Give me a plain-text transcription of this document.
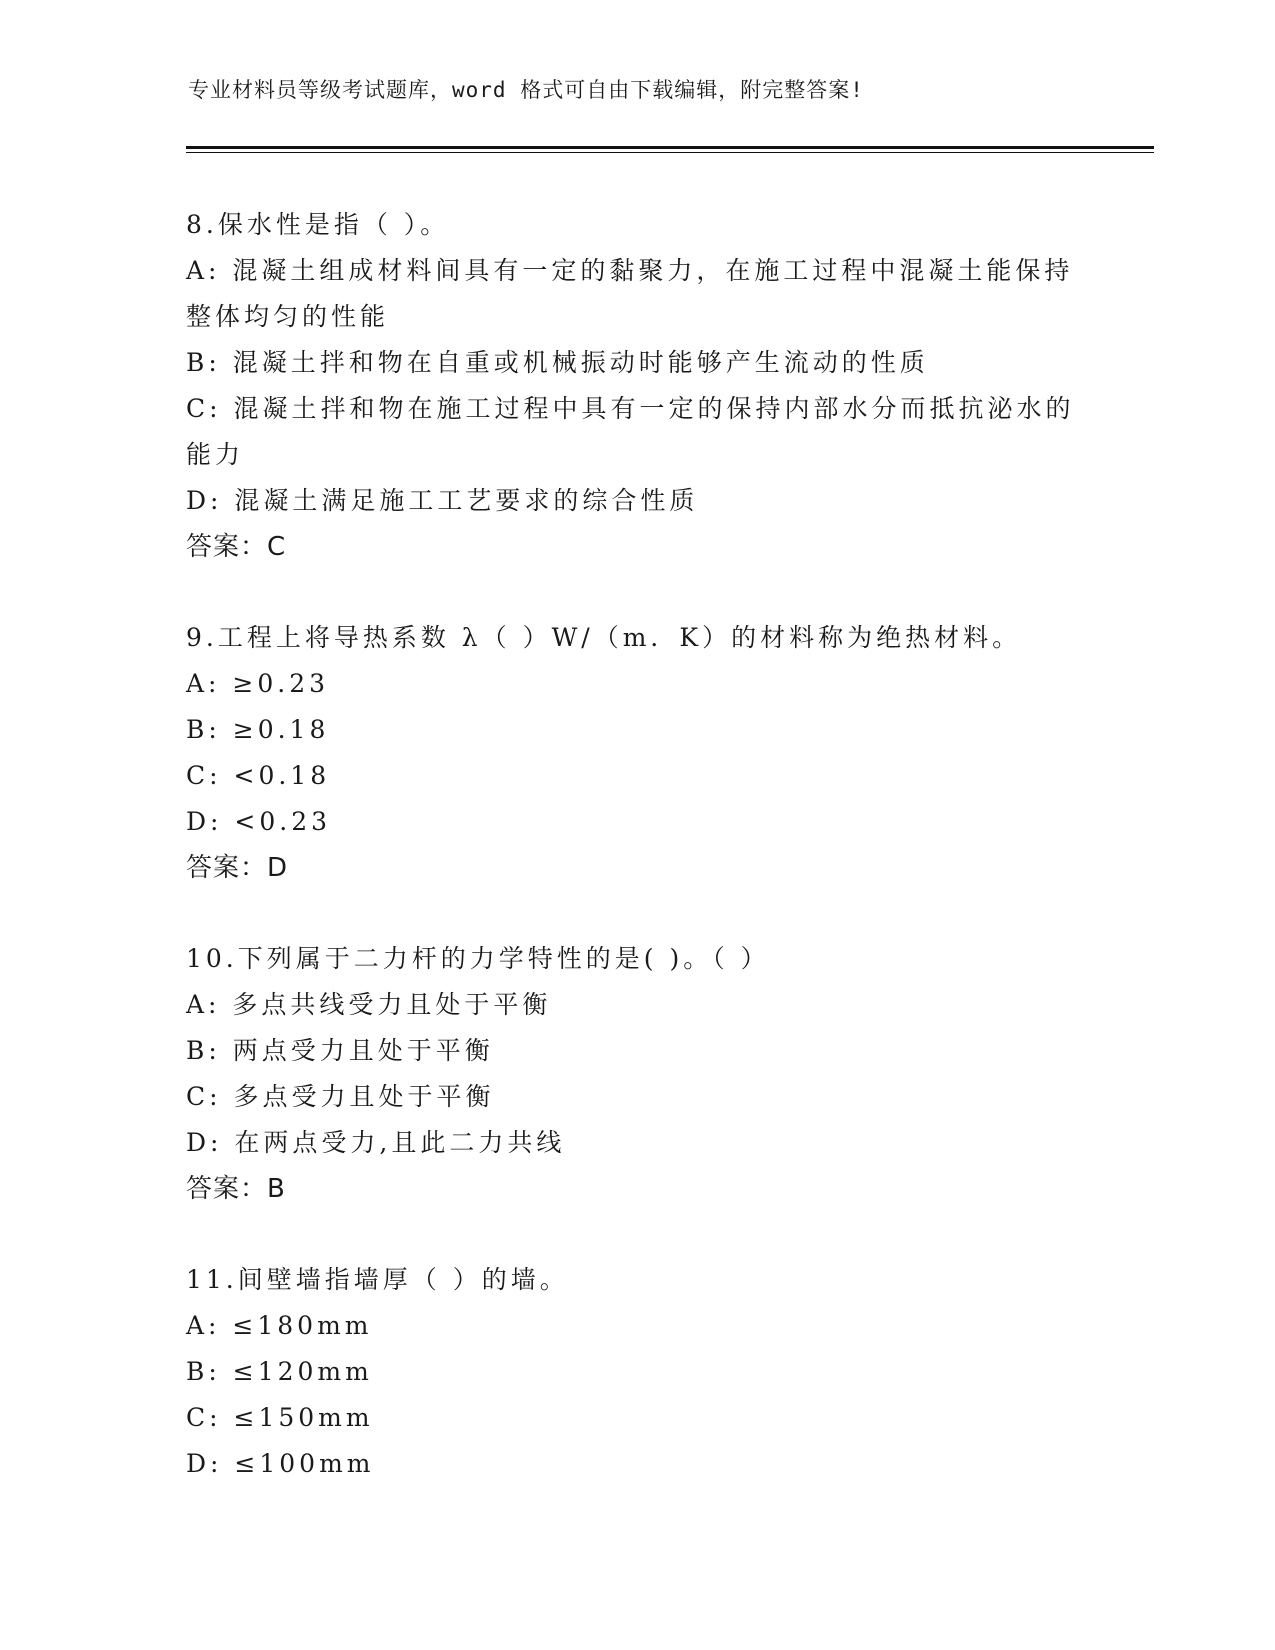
专业材料员等级考试题库，word 格式可自由下载编辑，附完整答案!
8.保水性是指（ ）。
A: 混凝土组成材料间具有一定的黏聚力，在施工过程中混凝土能保持整体均匀的性能
B: 混凝土拌和物在自重或机械振动时能够产生流动的性质
C: 混凝土拌和物在施工过程中具有一定的保持内部水分而抵抗泌水的能力
D: 混凝土满足施工工艺要求的综合性质
答案：C
9.工程上将导热系数 λ（ ）W/（m．K）的材料称为绝热材料。
A: ≥0.23
B: ≥0.18
C: <0.18
D: <0.23
答案：D
10.下列属于二力杆的力学特性的是( )。（ ）
A: 多点共线受力且处于平衡
B: 两点受力且处于平衡
C: 多点受力且处于平衡
D: 在两点受力,且此二力共线
答案：B
11.间壁墙指墙厚（ ）的墙。
A: ≤180mm
B: ≤120mm
C: ≤150mm
D: ≤100mm
